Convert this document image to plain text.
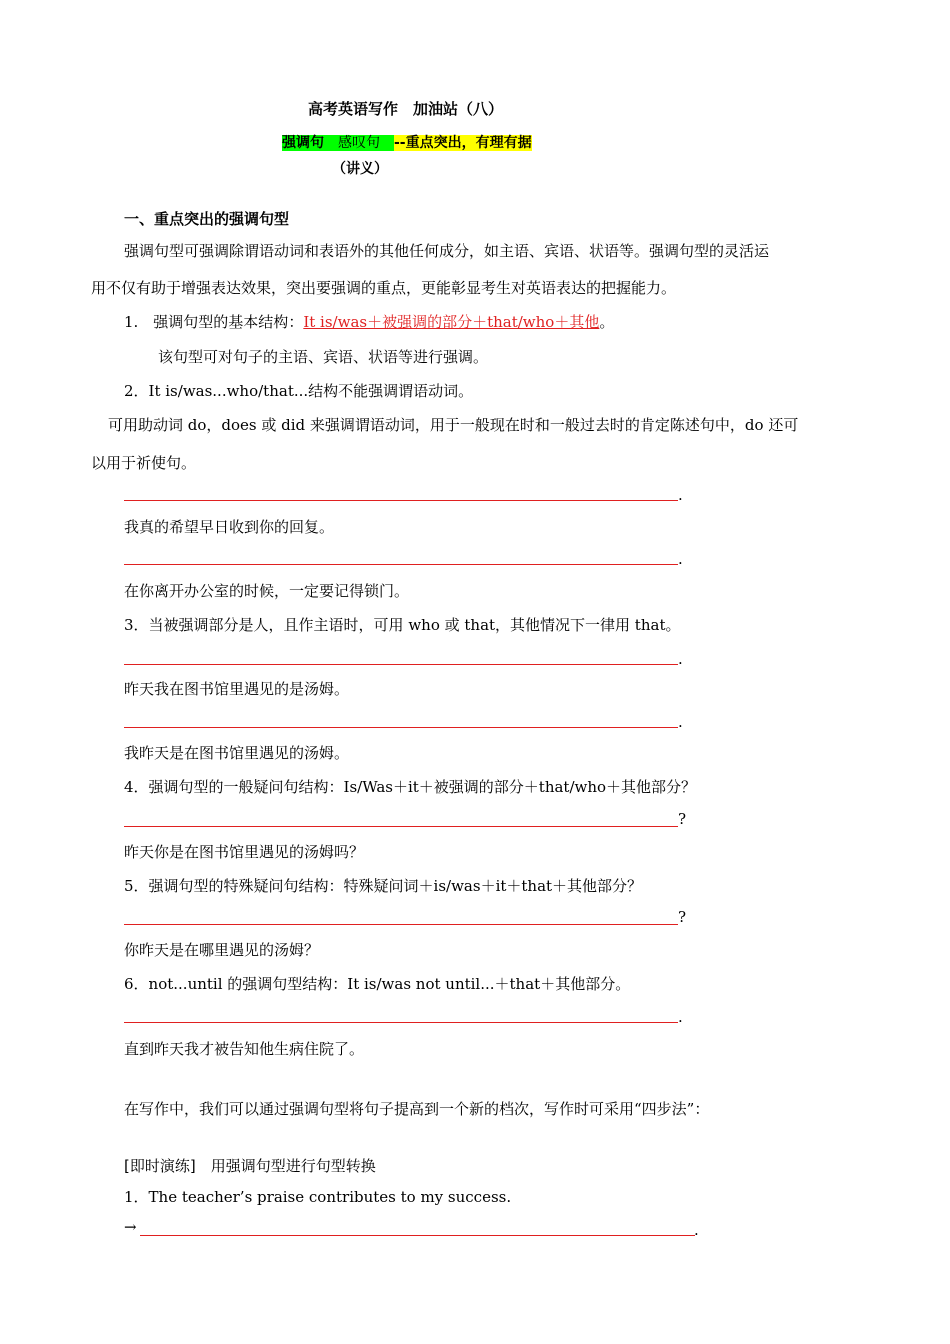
高考英语写作　加油站（八）
强调句　 感叹句　 --重点突出，有理有据
（讲义）
一、重点突出的强调句型
强调句型可强调除谓语动词和表语外的其他任何成分，如主语、宾语、状语等。强调句型的灵活运
用不仅有助于增强表达效果，突出要强调的重点，更能彰显考生对英语表达的把握能力。
1.　强调句型的基本结构：It is/was＋被强调的部分＋that/who＋其他。
该句型可对句子的主语、宾语、状语等进行强调。
2．It is/was...who/that...结构不能强调谓语动词。
可用助动词 do，does 或 did 来强调谓语动词，用于一般现在时和一般过去时的肯定陈述句中，do 还可
以用于祈使句。
.
我真的希望早日收到你的回复。
.
在你离开办公室的时候，一定要记得锁门。
3．当被强调部分是人，且作主语时，可用 who 或 that，其他情况下一律用 that。
.
昨天我在图书馆里遇见的是汤姆。
.
我昨天是在图书馆里遇见的汤姆。
4．强调句型的一般疑问句结构：Is/Was＋it＋被强调的部分＋that/who＋其他部分？
?
昨天你是在图书馆里遇见的汤姆吗？
5．强调句型的特殊疑问句结构：特殊疑问词＋is/was＋it＋that＋其他部分？
?
你昨天是在哪里遇见的汤姆？
6．not...until 的强调句型结构：It is/was not until...＋that＋其他部分。
.
直到昨天我才被告知他生病住院了。
在写作中，我们可以通过强调句型将句子提高到一个新的档次，写作时可采用“四步法”：
[即时演练]　 用强调句型进行句型转换
1．The teacher’s praise contributes to my success.
→	.
